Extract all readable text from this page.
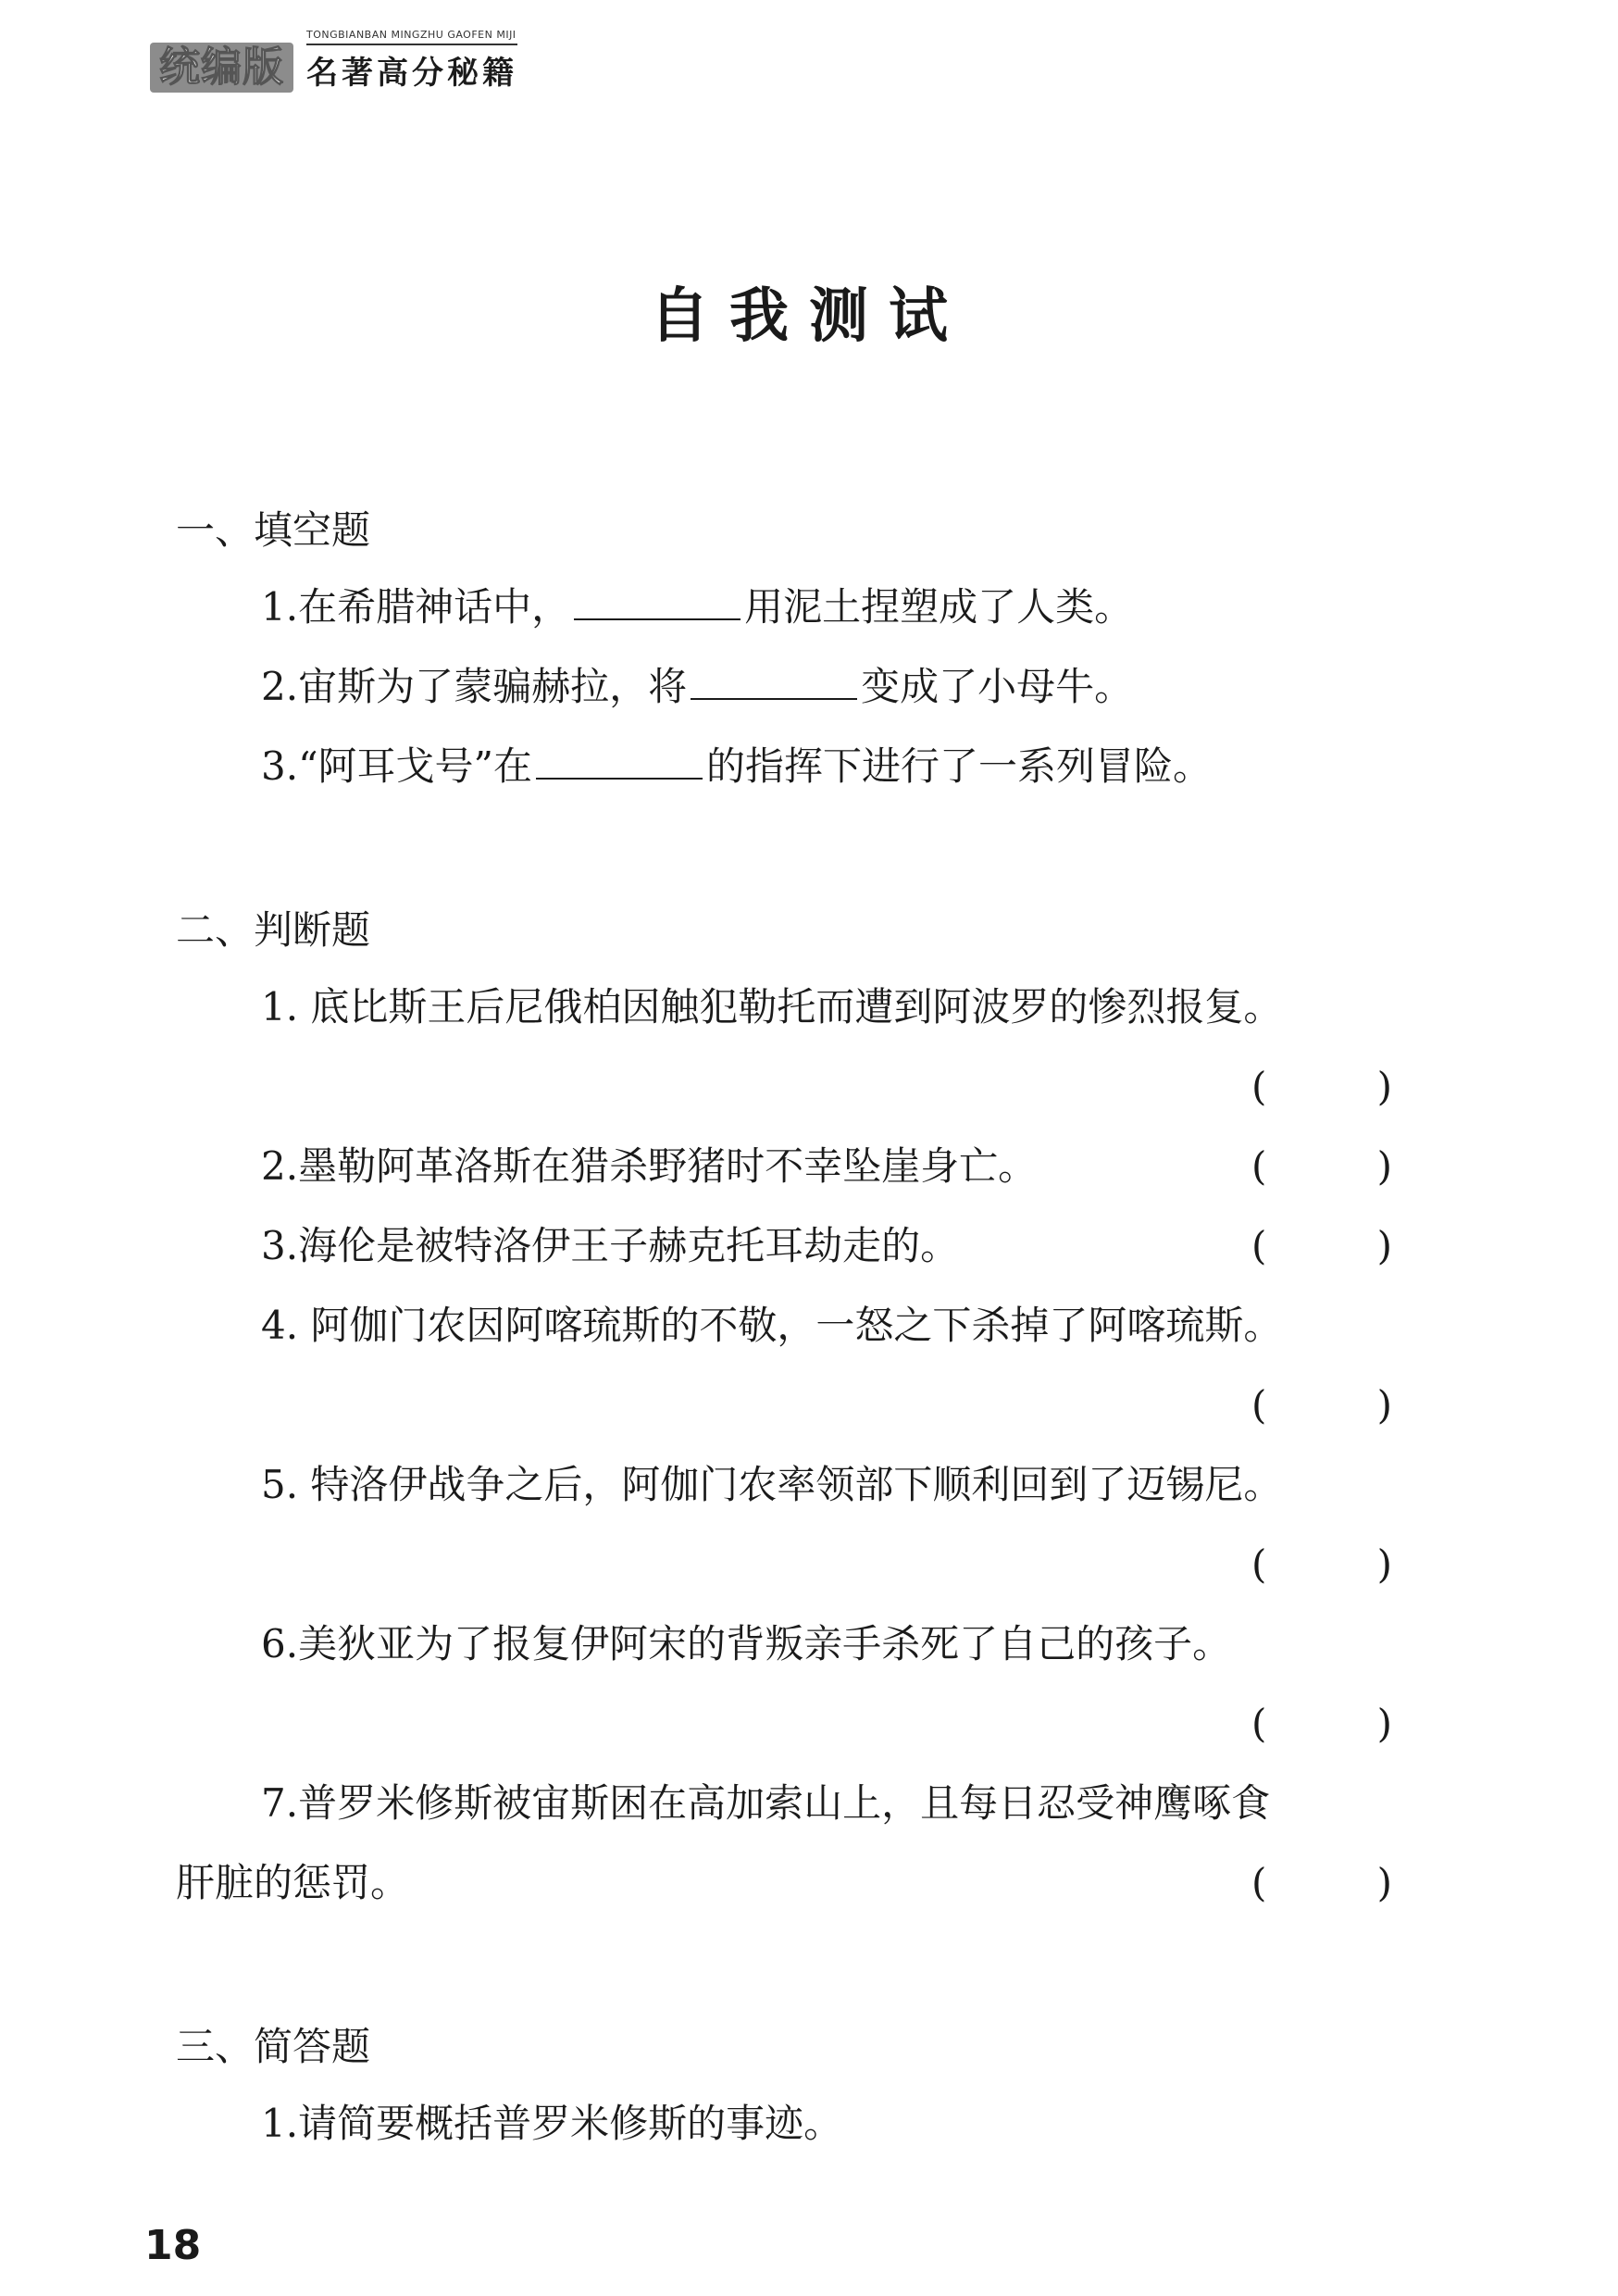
统编版
TONGBIANBAN MINGZHU GAOFEN MIJI
名著高分秘籍
自我测试
一、填空题
1.在希腊神话中，	用泥土捏塑成了人类。
2.宙斯为了蒙骗赫拉，将	变成了小母牛。
3.“阿耳戈号”在	的指挥下进行了一系列冒险。
二、判断题
1. 底比斯王后尼俄柏因触犯勒托而遭到阿波罗的惨烈报复。
(	)
2.墨勒阿革洛斯在猎杀野猪时不幸坠崖身亡。	(	)
3.海伦是被特洛伊王子赫克托耳劫走的。	(	)
4. 阿伽门农因阿喀琉斯的不敬，一怒之下杀掉了阿喀琉斯。
(	)
5. 特洛伊战争之后，阿伽门农率领部下顺利回到了迈锡尼。
(	)
6.美狄亚为了报复伊阿宋的背叛亲手杀死了自己的孩子。
(	)
7.普罗米修斯被宙斯困在高加索山上，且每日忍受神鹰啄食
肝脏的惩罚。	(	)
三、简答题
1.请简要概括普罗米修斯的事迹。
18
